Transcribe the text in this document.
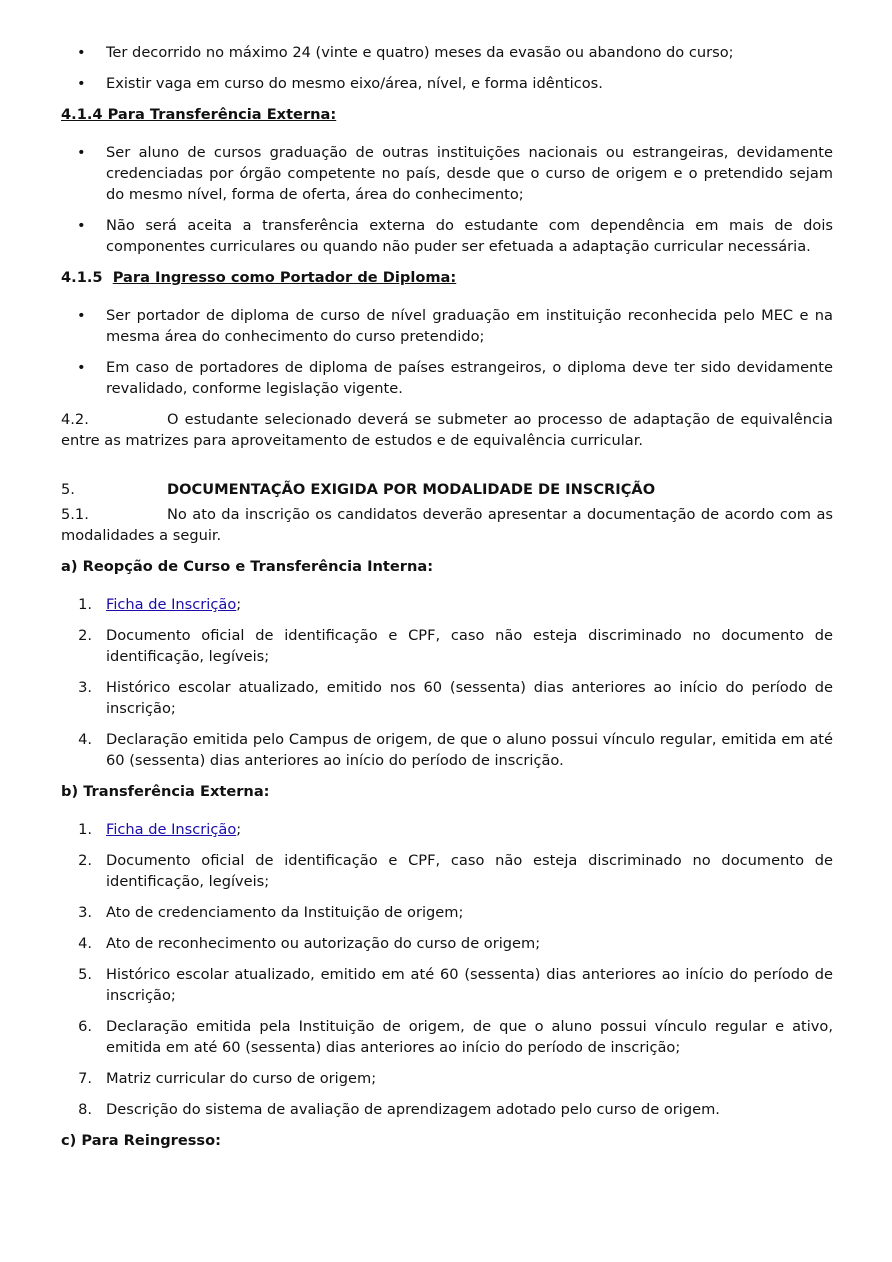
• Ter decorrido no máximo 24 (vinte e quatro) meses da evasão ou abandono do curso;
• Existir vaga em curso do mesmo eixo/área, nível, e forma idênticos.
4.1.4 Para Transferência Externa:
• Ser aluno de cursos graduação de outras instituições nacionais ou estrangeiras, devidamente credenciadas por órgão competente no país, desde que o curso de origem e o pretendido sejam do mesmo nível, forma de oferta, área do conhecimento;
• Não será aceita a transferência externa do estudante com dependência em mais de dois componentes curriculares ou quando não puder ser efetuada a adaptação curricular necessária.
4.1.5 Para Ingresso como Portador de Diploma:
• Ser portador de diploma de curso de nível graduação em instituição reconhecida pelo MEC e na mesma área do conhecimento do curso pretendido;
• Em caso de portadores de diploma de países estrangeiros, o diploma deve ter sido devidamente revalidado, conforme legislação vigente.
4.2.	O estudante selecionado deverá se submeter ao processo de adaptação de equivalência entre as matrizes para aproveitamento de estudos e de equivalência curricular.
5.	DOCUMENTAÇÃO EXIGIDA POR MODALIDADE DE INSCRIÇÃO
5.1.	No ato da inscrição os candidatos deverão apresentar a documentação de acordo com as modalidades a seguir.
a) Reopção de Curso e Transferência Interna:
1. Ficha de Inscrição;
2. Documento oficial de identificação e CPF, caso não esteja discriminado no documento de identificação, legíveis;
3. Histórico escolar atualizado, emitido nos 60 (sessenta) dias anteriores ao início do período de inscrição;
4. Declaração emitida pelo Campus de origem, de que o aluno possui vínculo regular, emitida em até 60 (sessenta) dias anteriores ao início do período de inscrição.
b) Transferência Externa:
1. Ficha de Inscrição;
2. Documento oficial de identificação e CPF, caso não esteja discriminado no documento de identificação, legíveis;
3. Ato de credenciamento da Instituição de origem;
4. Ato de reconhecimento ou autorização do curso de origem;
5. Histórico escolar atualizado, emitido em até 60 (sessenta) dias anteriores ao início do período de inscrição;
6. Declaração emitida pela Instituição de origem, de que o aluno possui vínculo regular e ativo, emitida em até 60 (sessenta) dias anteriores ao início do período de inscrição;
7. Matriz curricular do curso de origem;
8. Descrição do sistema de avaliação de aprendizagem adotado pelo curso de origem.
c) Para Reingresso:
